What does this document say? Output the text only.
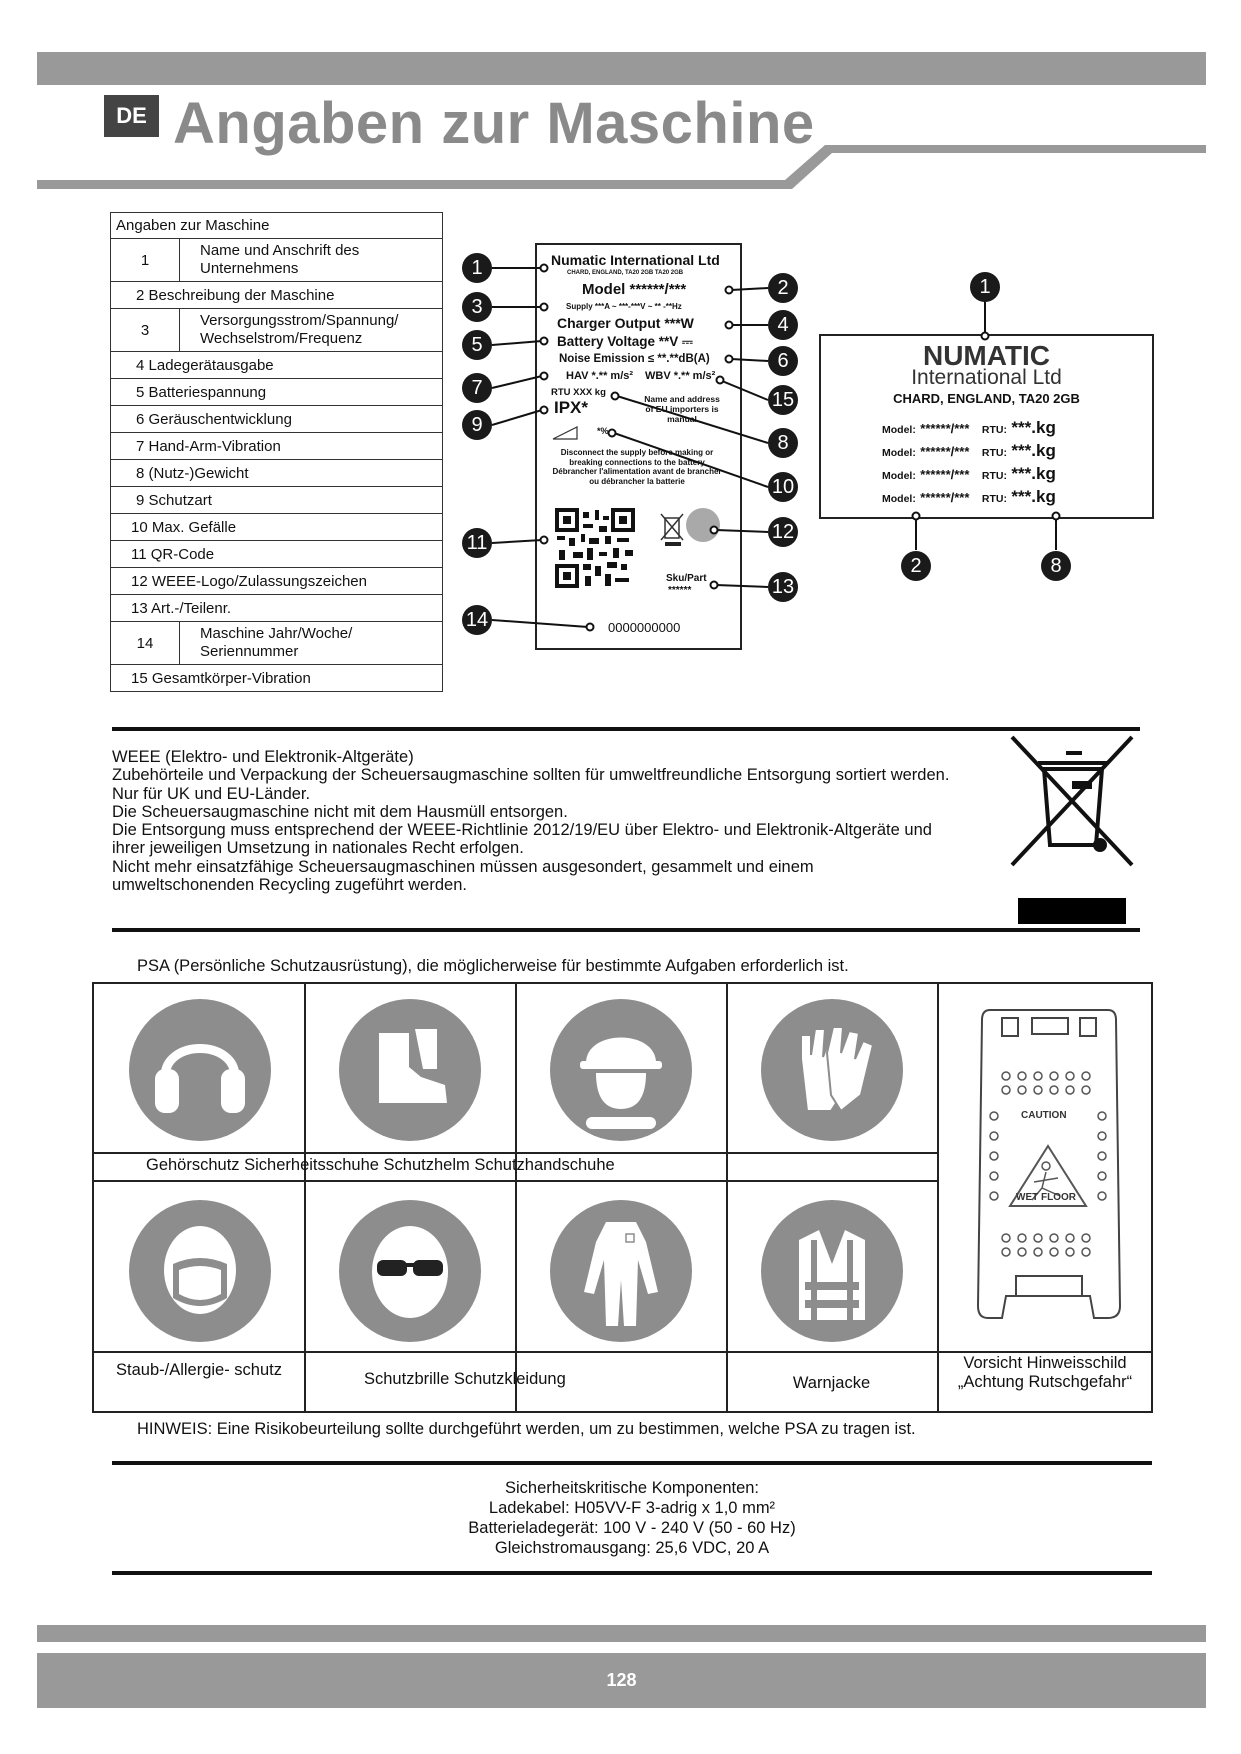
DE Angaben zur Maschine
Angaben zur Maschine	
1	Name und Anschrift des Unternehmens
2 Beschreibung der Maschine	
3	Versorgungsstrom/Spannung/ Wechselstrom/Frequenz
4 Ladegerätausgabe	
5 Batteriespannung	
6 Geräuschentwicklung	
7 Hand-Arm-Vibration	
8 (Nutz-)Gewicht	
9 Schutzart	
10 Max. Gefälle	
11 QR-Code	
12 WEEE-Logo/Zulassungszeichen	
13 Art.-/Teilenr.	
14	Maschine Jahr/Woche/ Seriennummer
15 Gesamtkörper-Vibration	
Numatic International Ltd
CHARD, ENGLAND, TA20 2GB TA20 2GB
Model ******/***
Supply ***A ~ ***-***V ~ ** -**Hz
Charger Output ***W
Battery Voltage **V ⎓
Noise Emission ≤ **.**dB(A)
HAV *.** m/s² WBV *.** m/s²
RTU XXX kg
IPX*	Name and address of EU importers is manual
*%
Disconnect the supply before making or breaking connections to the battery Débrancher l'alimentation avant de brancher ou débrancher la batterie
Sku/Part
******
0000000000
1
2
3
4
5
6
7
8
9
10
11	12
13
14
15
NUMATIC
International Ltd
CHARD, ENGLAND, TA20 2GB
Model: ******/*** RTU: ***.kg
Model: ******/*** RTU: ***.kg
Model: ******/*** RTU: ***.kg
Model: ******/*** RTU: ***.kg
1
2	8
WEEE (Elektro- und Elektronik-Altgeräte)
Zubehörteile und Verpackung der Scheuersaugmaschine sollten für umweltfreundliche Entsorgung sortiert werden.
Nur für UK und EU-Länder.
Die Scheuersaugmaschine nicht mit dem Hausmüll entsorgen.
Die Entsorgung muss entsprechend der WEEE-Richtlinie 2012/19/EU über Elektro- und Elektronik-Altgeräte und
ihrer jeweiligen Umsetzung in nationales Recht erfolgen.
Nicht mehr einsatzfähige Scheuersaugmaschinen müssen ausgesondert, gesammelt und einem
umweltschonenden Recycling zugeführt werden.
PSA (Persönliche Schutzausrüstung), die möglicherweise für bestimmte Aufgaben erforderlich ist.
Gehörschutz Sicherheitsschuhe Schutzhelm Schutzhandschuhe
Staub-/Allergie- schutz	Schutzbrille Schutzkleidung	Warnjacke
Vorsicht Hinweisschild „Achtung Rutschgefahr“
CAUTION
WET FLOOR
HINWEIS: Eine Risikobeurteilung sollte durchgeführt werden, um zu bestimmen, welche PSA zu tragen ist.
Sicherheitskritische Komponenten:
Ladekabel: H05VV-F 3-adrig x 1,0 mm²
Batterieladegerät: 100 V - 240 V (50 - 60 Hz)
Gleichstromausgang: 25,6 VDC, 20 A
128
